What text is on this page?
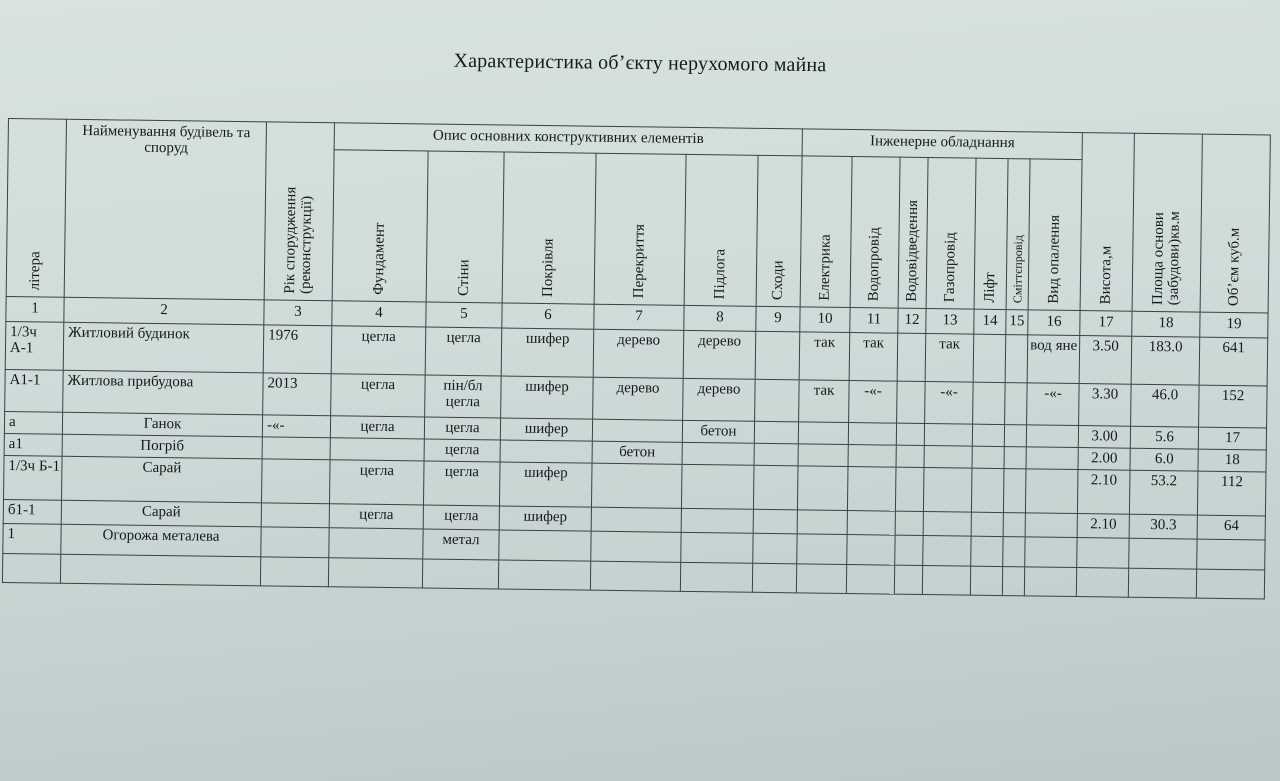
Характеристика об’єкту нерухомого майна
літера	Найменування будівель та споруд	Рік спорудження (реконструкції)	Опис основних конструктивних елементів						Інженерне обладнання							Висота,м	Площа основи (забудови)кв.м	Об’єм куб.м

Фундамент	Стіни	Покрівля	Перекриття	Підлога	Сходи	Електрика	Водопровід	Водовідведення	Газопровід	Ліфт	Сміттєпровід	Вид опалення			

1	2	3	4	5	6	7	8	9	10	11	12	13	14	15	16	17	18	19
1/3ч А-1	Житловий будинок	1976	цегла	цегла	шифер	дерево	дерево		так	так		так			вод яне	3.50	183.0	641
А1-1	Житлова прибудова	2013	цегла	пін/бл цегла	шифер	дерево	дерево		так	-«-		-«-			-«-	3.30	46.0	152
а	Ганок	-«-	цегла	цегла	шифер		бетон									3.00	5.6	17
а1	Погріб			цегла		бетон										2.00	6.0	18
1/3ч Б-1	Сарай		цегла	цегла	шифер											2.10	53.2	112
б1-1	Сарай		цегла	цегла	шифер											2.10	30.3	64
1	Огорожа металева			метал														
